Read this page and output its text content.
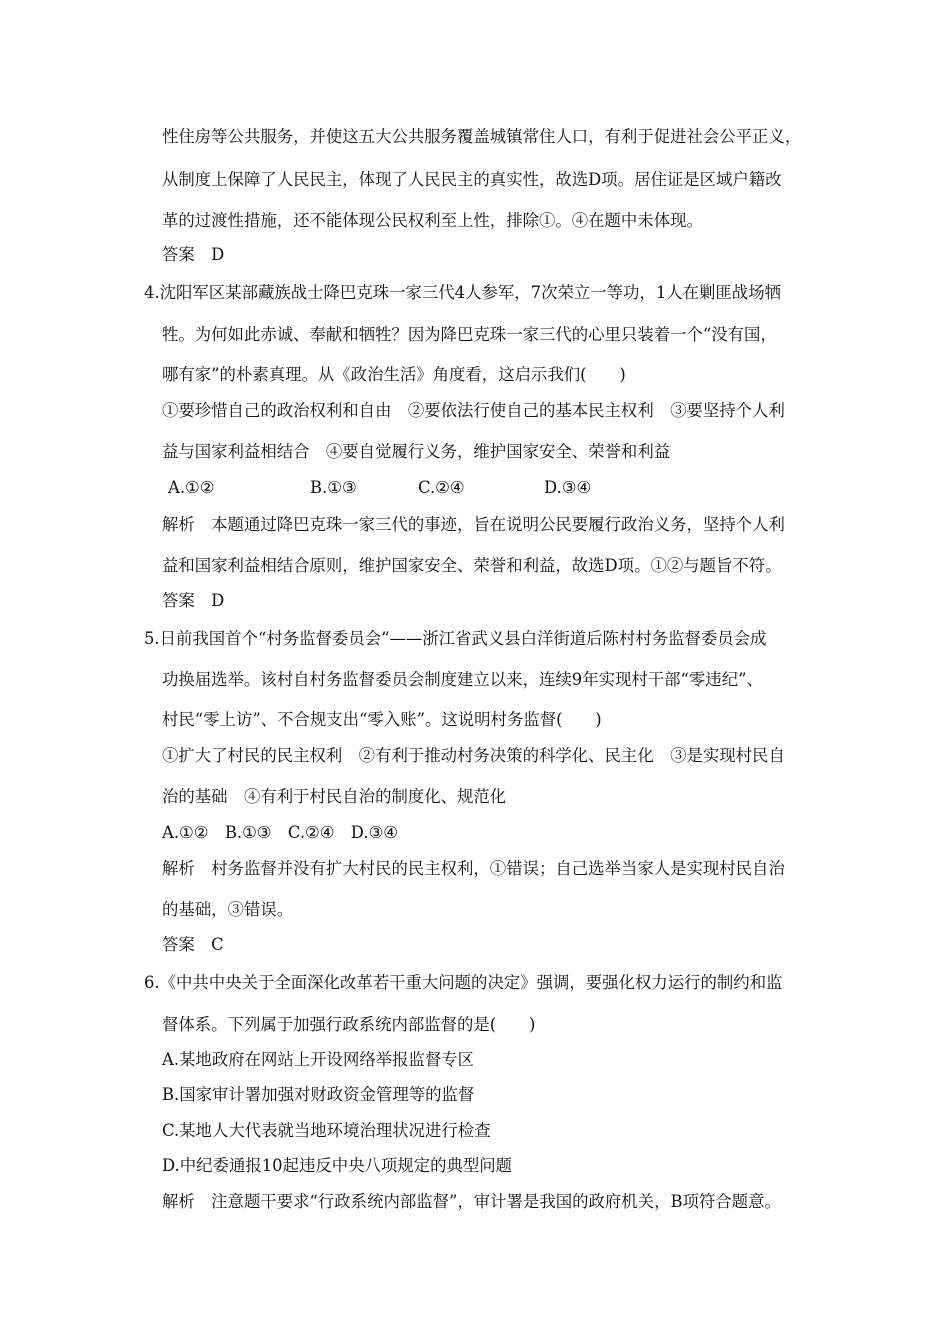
性住房等公共服务，并使这五大公共服务覆盖城镇常住人口，有利于促进社会公平正义，
从制度上保障了人民民主，体现了人民民主的真实性，故选D项。居住证是区域户籍改
革的过渡性措施，还不能体现公民权利至上性，排除①。④在题中未体现。
答案　D
4.沈阳军区某部藏族战士降巴克珠一家三代4人参军，7次荣立一等功，1人在剿匪战场牺
牲。为何如此赤诚、奉献和牺牲？因为降巴克珠一家三代的心里只装着一个“没有国，
哪有家”的朴素真理。从《政治生活》角度看，这启示我们(　　)
①要珍惜自己的政治权利和自由　②要依法行使自己的基本民主权利　③要坚持个人利
益与国家利益相结合　④要自觉履行义务，维护国家安全、荣誉和利益
A.①②	B.①③	C.②④	D.③④
解析　本题通过降巴克珠一家三代的事迹，旨在说明公民要履行政治义务，坚持个人利
益和国家利益相结合原则，维护国家安全、荣誉和利益，故选D项。①②与题旨不符。
答案　D
5.日前我国首个“村务监督委员会”——浙江省武义县白洋街道后陈村村务监督委员会成
功换届选举。该村自村务监督委员会制度建立以来，连续9年实现村干部“零违纪”、
村民“零上访”、不合规支出“零入账”。这说明村务监督(　　)
①扩大了村民的民主权利　②有利于推动村务决策的科学化、民主化　③是实现村民自
治的基础　④有利于村民自治的制度化、规范化
A.①②　B.①③　C.②④　D.③④
解析　村务监督并没有扩大村民的民主权利，①错误；自己选举当家人是实现村民自治
的基础，③错误。
答案　C
6.《中共中央关于全面深化改革若干重大问题的决定》强调，要强化权力运行的制约和监
督体系。下列属于加强行政系统内部监督的是(　　)
A.某地政府在网站上开设网络举报监督专区
B.国家审计署加强对财政资金管理等的监督
C.某地人大代表就当地环境治理状况进行检查
D.中纪委通报10起违反中央八项规定的典型问题
解析　注意题干要求“行政系统内部监督”，审计署是我国的政府机关，B项符合题意。
